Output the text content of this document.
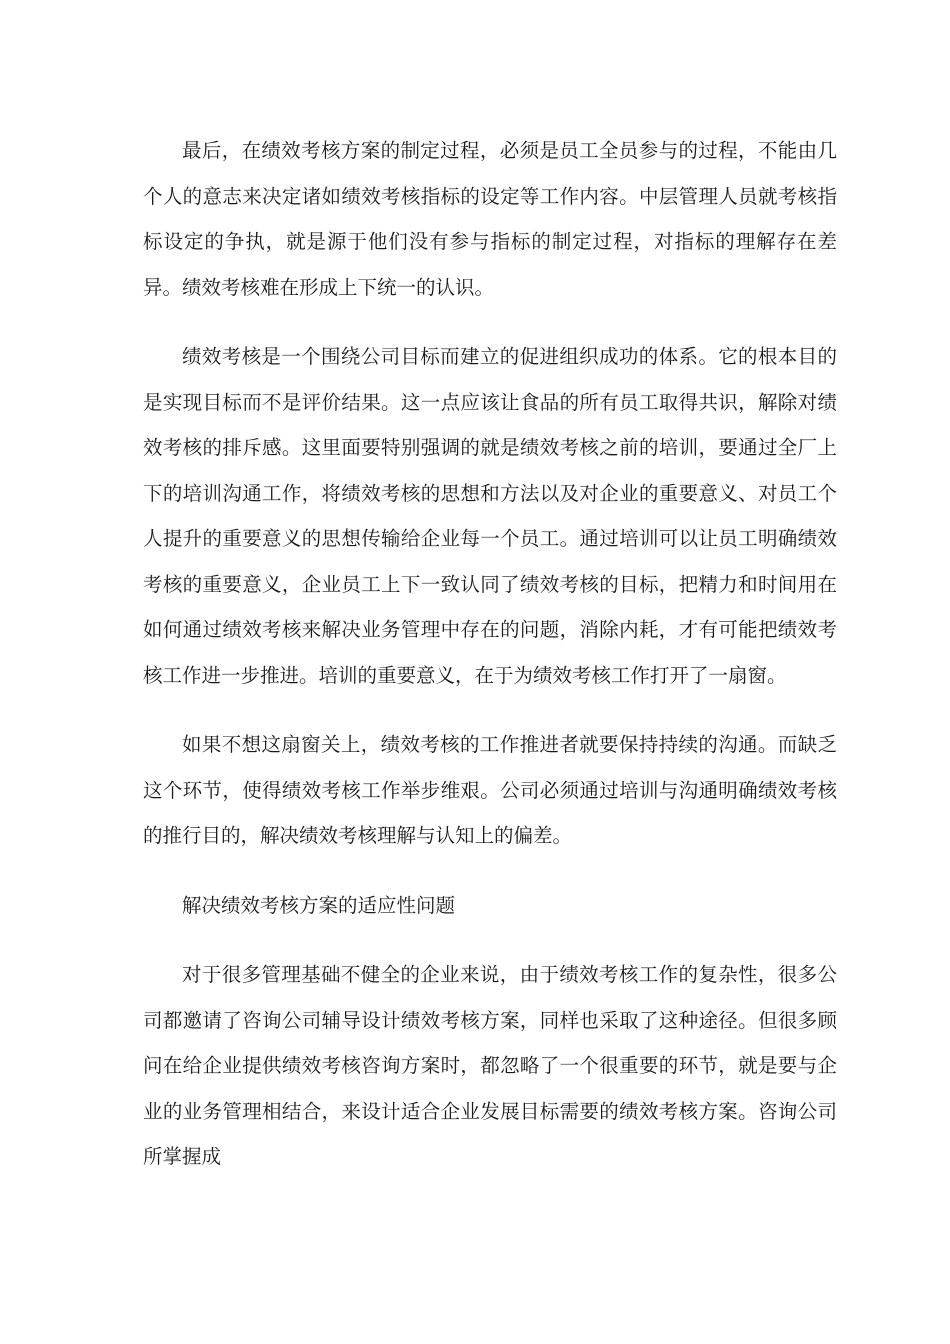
最后，在绩效考核方案的制定过程，必须是员工全员参与的过程，不能由几个人的意志来决定诸如绩效考核指标的设定等工作内容。中层管理人员就考核指标设定的争执，就是源于他们没有参与指标的制定过程，对指标的理解存在差异。绩效考核难在形成上下统一的认识。

绩效考核是一个围绕公司目标而建立的促进组织成功的体系。它的根本目的是实现目标而不是评价结果。这一点应该让食品的所有员工取得共识，解除对绩效考核的排斥感。这里面要特别强调的就是绩效考核之前的培训，要通过全厂上下的培训沟通工作，将绩效考核的思想和方法以及对企业的重要意义、对员工个人提升的重要意义的思想传输给企业每一个员工。通过培训可以让员工明确绩效考核的重要意义，企业员工上下一致认同了绩效考核的目标，把精力和时间用在如何通过绩效考核来解决业务管理中存在的问题，消除内耗，才有可能把绩效考核工作进一步推进。培训的重要意义，在于为绩效考核工作打开了一扇窗。

如果不想这扇窗关上，绩效考核的工作推进者就要保持持续的沟通。而缺乏这个环节，使得绩效考核工作举步维艰。公司必须通过培训与沟通明确绩效考核的推行目的，解决绩效考核理解与认知上的偏差。

解决绩效考核方案的适应性问题

对于很多管理基础不健全的企业来说，由于绩效考核工作的复杂性，很多公司都邀请了咨询公司辅导设计绩效考核方案，同样也采取了这种途径。但很多顾问在给企业提供绩效考核咨询方案时，都忽略了一个很重要的环节，就是要与企业的业务管理相结合，来设计适合企业发展目标需要的绩效考核方案。咨询公司所掌握成
